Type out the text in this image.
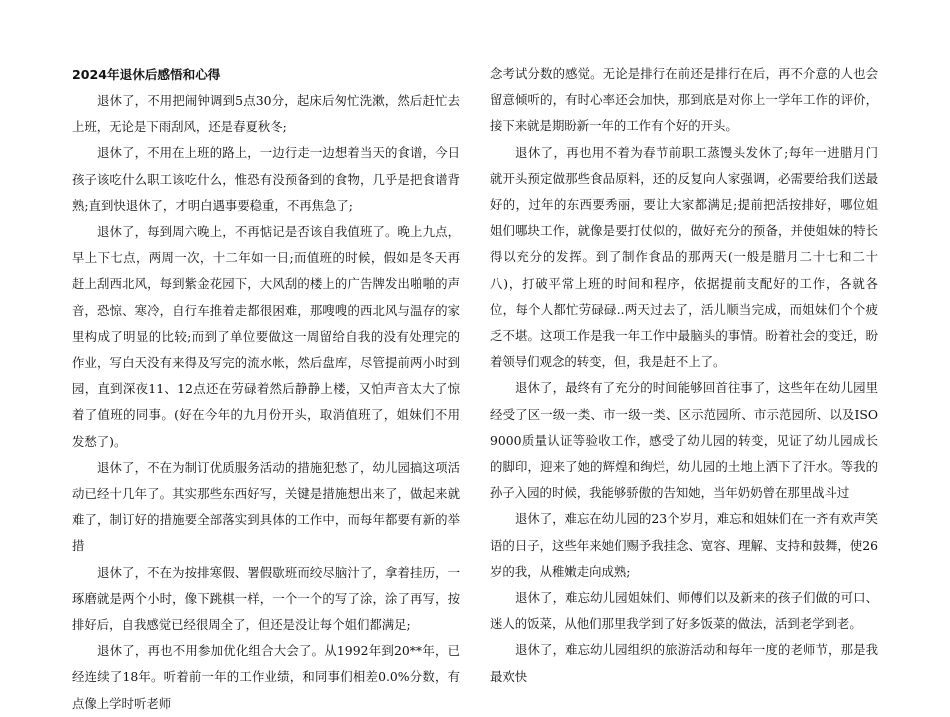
2024年退休后感悟和心得

退休了，不用把闹钟调到5点30分，起床后匆忙洗漱，然后赶忙去上班，无论是下雨刮风，还是春夏秋冬;

退休了，不用在上班的路上，一边行走一边想着当天的食谱，今日孩子该吃什么职工该吃什么，惟恐有没预备到的食物，几乎是把食谱背熟;直到快退休了，才明白遇事要稳重，不再焦急了;

退休了，每到周六晚上，不再惦记是否该自我值班了。晚上九点，早上下七点，两周一次，十二年如一日;而值班的时候，假如是冬天再赶上刮西北风，每到紫金花园下，大风刮的楼上的广告牌发出啪啪的声音，恐惊、寒冷，自行车推着走都很困难，那嗖嗖的西北风与温存的家里构成了明显的比较;而到了单位要做这一周留给自我的没有处理完的作业，写白天没有来得及写完的流水帐，然后盘库，尽管提前两小时到园，直到深夜11、12点还在劳碌着然后静静上楼，又怕声音太大了惊着了值班的同事。(好在今年的九月份开头，取消值班了，姐妹们不用发愁了)。

退休了，不在为制订优质服务活动的措施犯愁了，幼儿园搞这项活动已经十几年了。其实那些东西好写，关键是措施想出来了，做起来就难了，制订好的措施要全部落实到具体的工作中，而每年都要有新的举措

退休了，不在为按排寒假、署假歇班而绞尽脑汁了，拿着挂历，一琢磨就是两个小时，像下跳棋一样，一个一个的写了涂，涂了再写，按排好后，自我感觉已经很周全了，但还是没让每个姐们都满足;

退休了，再也不用参加优化组合大会了。从1992年到20**年，已经连续了18年。听着前一年的工作业绩，和同事们相差0.0%分数，有点像上学时听老师

念考试分数的感觉。无论是排行在前还是排行在后，再不介意的人也会留意倾听的，有时心率还会加快，那到底是对你上一学年工作的评价，接下来就是期盼新一年的工作有个好的开头。

退休了，再也用不着为春节前职工蒸馒头发休了;每年一进腊月门就开头预定做那些食品原料，还的反复向人家强调，必需要给我们送最好的，过年的东西要秀丽，要让大家都满足;提前把活按排好，哪位姐姐们哪块工作，就像是要打仗似的，做好充分的预备，并使姐妹的特长得以充分的发挥。到了制作食品的那两天(一般是腊月二十七和二十八)，打破平常上班的时间和程序，依据提前支配好的工作，各就各位，每个人都忙劳碌碌..两天过去了，活儿顺当完成，而姐妹们个个疲乏不堪。这项工作是我一年工作中最脑头的事情。盼着社会的变迁，盼着领导们观念的转变，但，我是赶不上了。

退休了，最终有了充分的时间能够回首往事了，这些年在幼儿园里经受了区一级一类、市一级一类、区示范园所、市示范园所、以及ISO9000质量认证等验收工作，感受了幼儿园的转变，见证了幼儿园成长的脚印，迎来了她的辉煌和绚烂，幼儿园的土地上洒下了汗水。等我的孙子入园的时候，我能够骄傲的告知她，当年奶奶曾在那里战斗过

退休了，难忘在幼儿园的23个岁月，难忘和姐妹们在一齐有欢声笑语的日子，这些年来她们赐予我挂念、宽容、理解、支持和鼓舞，使26岁的我，从稚嫩走向成熟;

退休了，难忘幼儿园姐妹们、师傅们以及新来的孩子们做的可口、迷人的饭菜，从他们那里我学到了好多饭菜的做法，活到老学到老。

退休了，难忘幼儿园组织的旅游活动和每年一度的老师节，那是我最欢快
